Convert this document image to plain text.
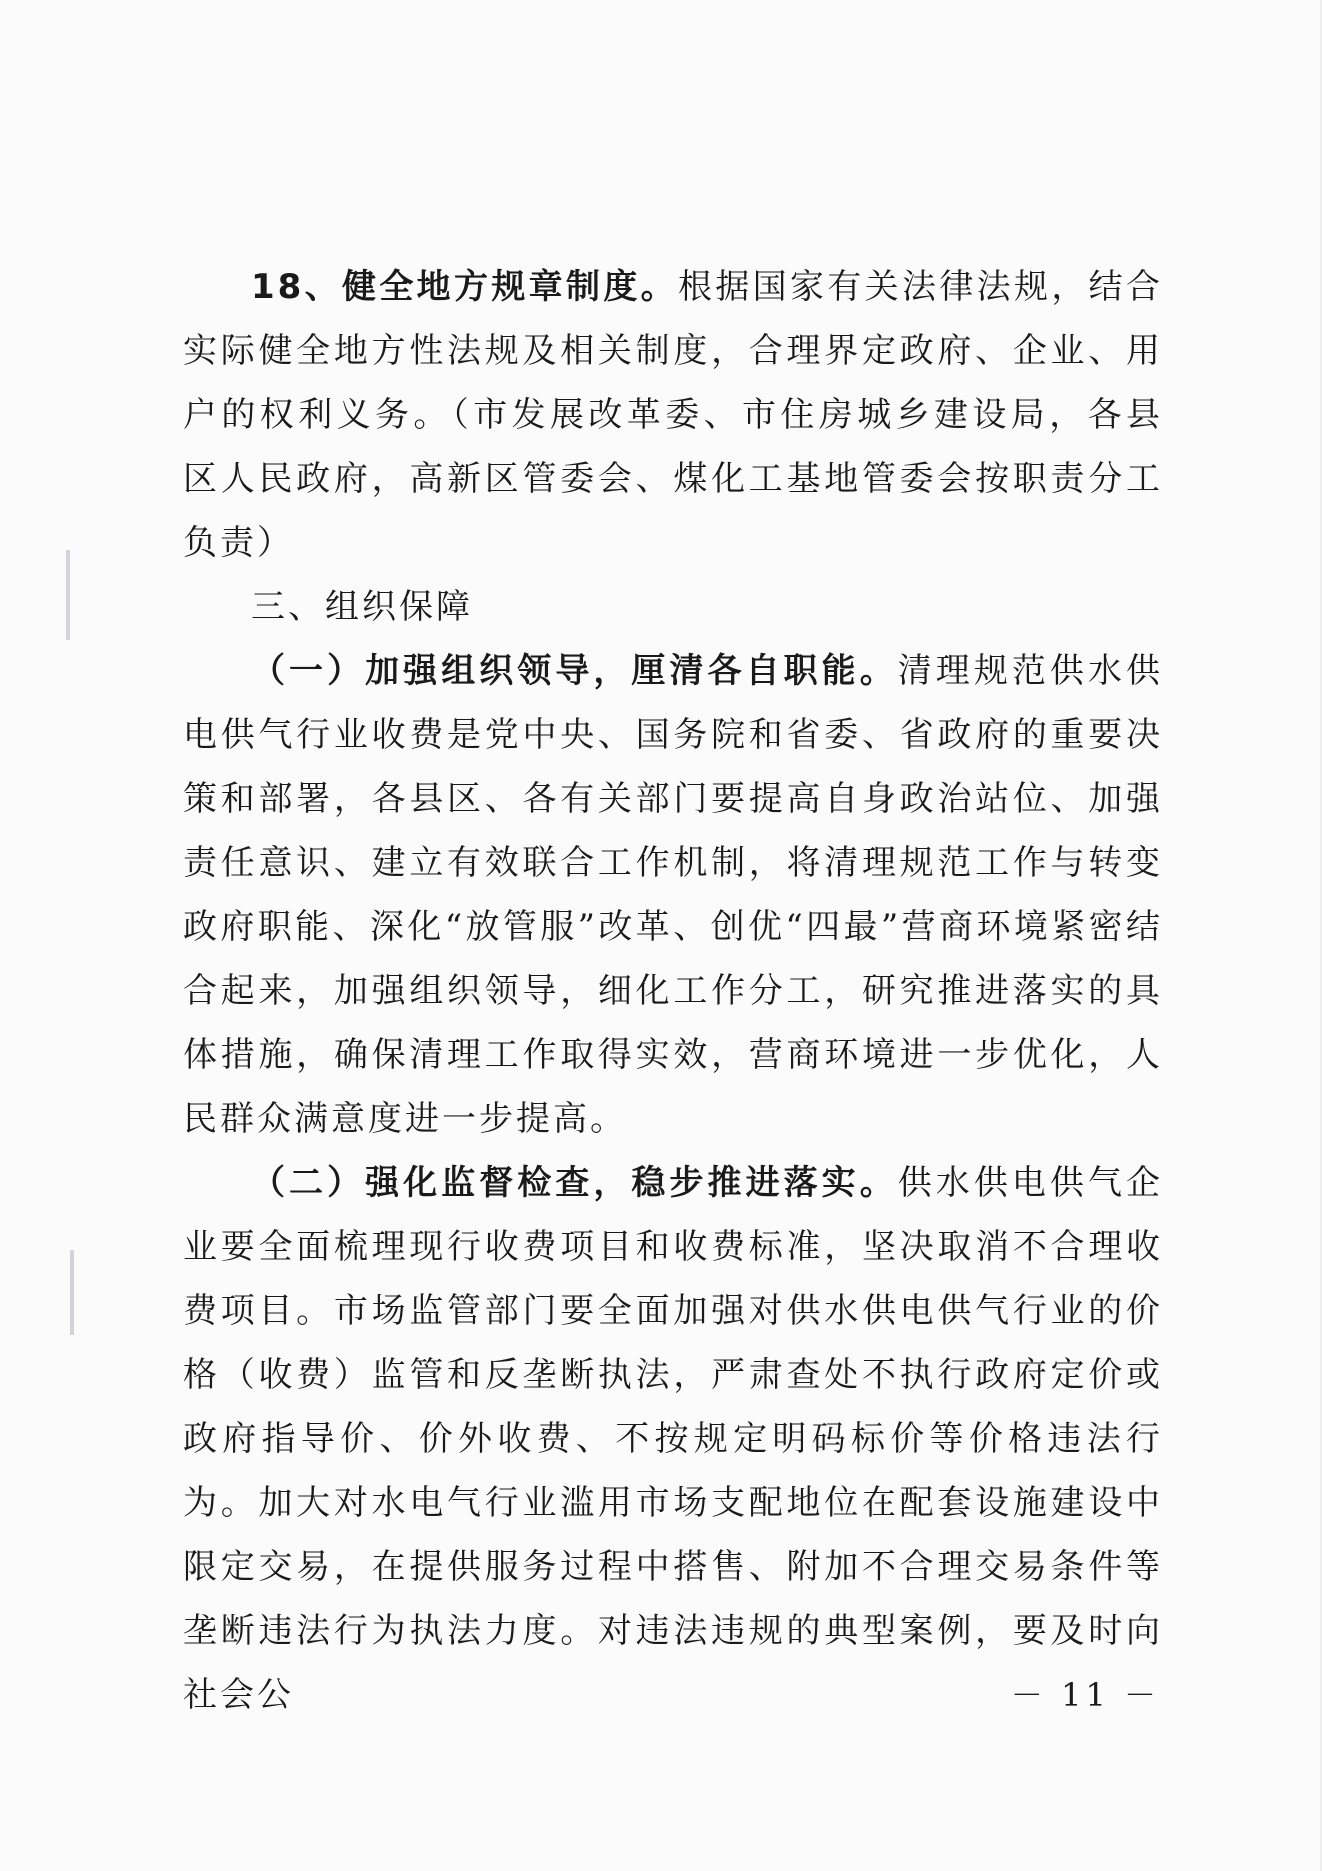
18、健全地方规章制度。根据国家有关法律法规，结合实际健全地方性法规及相关制度，合理界定政府、企业、用户的权利义务。（市发展改革委、市住房城乡建设局，各县区人民政府，高新区管委会、煤化工基地管委会按职责分工负责）

三、组织保障

（一）加强组织领导，厘清各自职能。清理规范供水供电供气行业收费是党中央、国务院和省委、省政府的重要决策和部署，各县区、各有关部门要提高自身政治站位、加强责任意识、建立有效联合工作机制，将清理规范工作与转变政府职能、深化“放管服”改革、创优“四最”营商环境紧密结合起来，加强组织领导，细化工作分工，研究推进落实的具体措施，确保清理工作取得实效，营商环境进一步优化，人民群众满意度进一步提高。

（二）强化监督检查，稳步推进落实。供水供电供气企业要全面梳理现行收费项目和收费标准，坚决取消不合理收费项目。市场监管部门要全面加强对供水供电供气行业的价格（收费）监管和反垄断执法，严肃查处不执行政府定价或政府指导价、价外收费、不按规定明码标价等价格违法行为。加大对水电气行业滥用市场支配地位在配套设施建设中限定交易，在提供服务过程中搭售、附加不合理交易条件等垄断违法行为执法力度。对违法违规的典型案例，要及时向社会公	－ 11 －
